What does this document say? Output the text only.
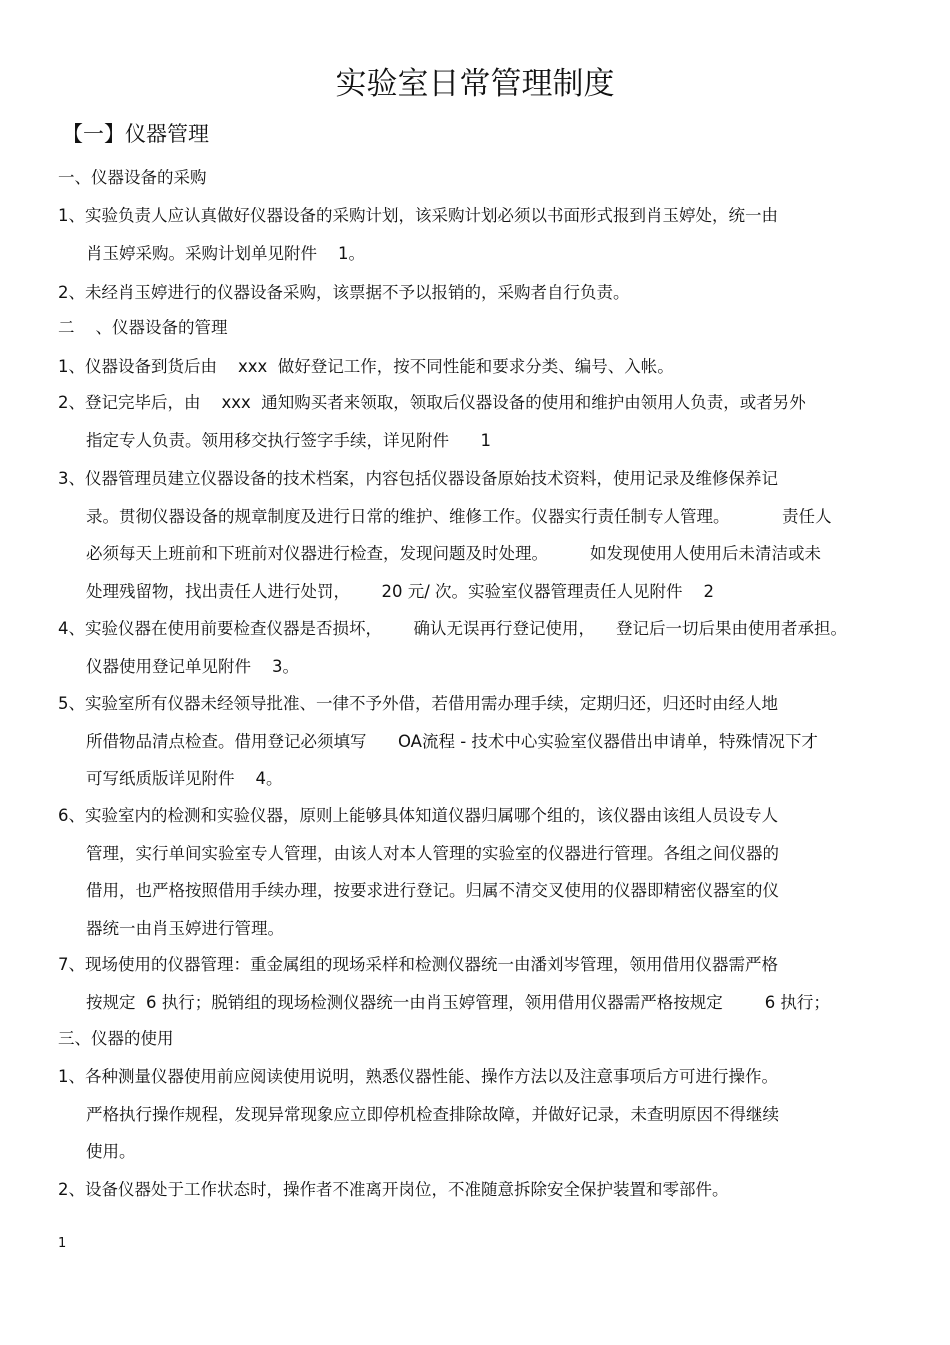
实验室日常管理制度
【一】仪器管理
一、仪器设备的采购
1、实验负责人应认真做好仪器设备的采购计划，该采购计划必须以书面形式报到肖玉婷处，统一由
肖玉婷采购。采购计划单见附件    1。
2、未经肖玉婷进行的仪器设备采购，该票据不予以报销的，采购者自行负责。
二    、仪器设备的管理
1、仪器设备到货后由    xxx  做好登记工作，按不同性能和要求分类、编号、入帐。
2、登记完毕后，由    xxx  通知购买者来领取，领取后仪器设备的使用和维护由领用人负责，或者另外
指定专人负责。领用移交执行签字手续，详见附件      1
3、仪器管理员建立仪器设备的技术档案，内容包括仪器设备原始技术资料，使用记录及维修保养记
录。贯彻仪器设备的规章制度及进行日常的维护、维修工作。仪器实行责任制专人管理。          责任人
必须每天上班前和下班前对仪器进行检查，发现问题及时处理。        如发现使用人使用后未清洁或未
处理残留物，找出责任人进行处罚，      20 元/ 次。实验室仪器管理责任人见附件    2
4、实验仪器在使用前要检查仪器是否损坏，      确认无误再行登记使用，    登记后一切后果由使用者承担。
仪器使用登记单见附件    3。
5、实验室所有仪器未经领导批准、一律不予外借，若借用需办理手续，定期归还，归还时由经人地
所借物品清点检查。借用登记必须填写      OA流程 - 技术中心实验室仪器借出申请单，特殊情况下才
可写纸质版详见附件    4。
6、实验室内的检测和实验仪器，原则上能够具体知道仪器归属哪个组的，该仪器由该组人员设专人
管理，实行单间实验室专人管理，由该人对本人管理的实验室的仪器进行管理。各组之间仪器的
借用，也严格按照借用手续办理，按要求进行登记。归属不清交叉使用的仪器即精密仪器室的仪
器统一由肖玉婷进行管理。
7、现场使用的仪器管理：重金属组的现场采样和检测仪器统一由潘刘岑管理，领用借用仪器需严格
按规定  6 执行；脱销组的现场检测仪器统一由肖玉婷管理，领用借用仪器需严格按规定        6 执行；
三、仪器的使用
1、各种测量仪器使用前应阅读使用说明，熟悉仪器性能、操作方法以及注意事项后方可进行操作。
严格执行操作规程，发现异常现象应立即停机检查排除故障，并做好记录，未查明原因不得继续
使用。
2、设备仪器处于工作状态时，操作者不准离开岗位，不准随意拆除安全保护装置和零部件。
1
